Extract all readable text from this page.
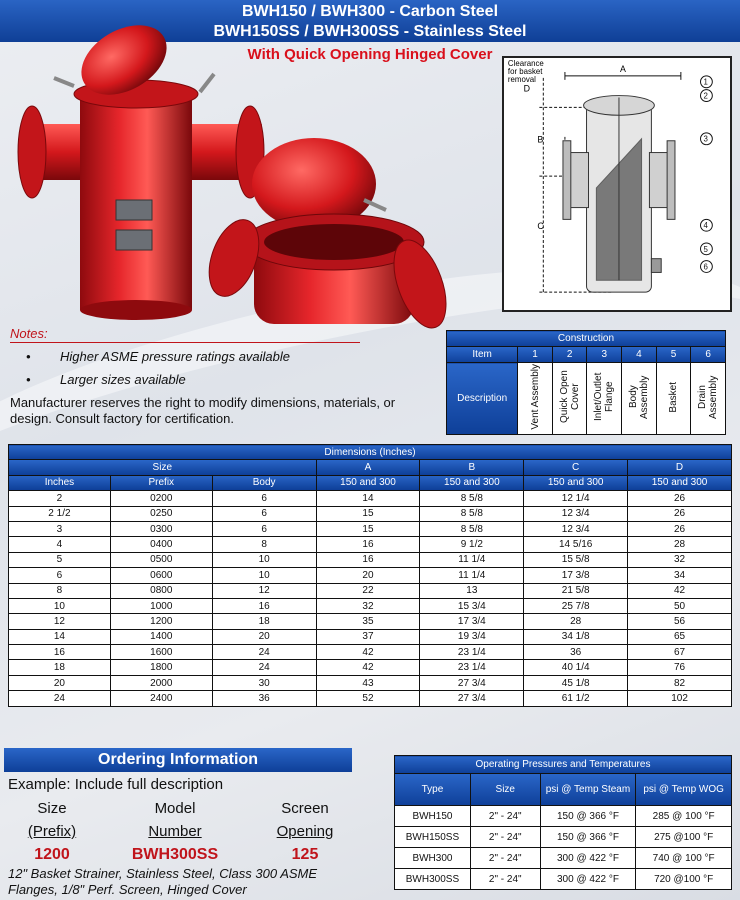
BWH150 / BWH300 - Carbon Steel
BWH150SS / BWH300SS - Stainless Steel
With Quick Opening Hinged Cover
Clearance
for basket
removal
A
B
C
D
1
2
3
4
5
6
Notes:
• Higher ASME pressure ratings available
• Larger sizes available
Manufacturer reserves the right to modify dimensions, materials, or design. Consult factory for certification.
Construction						
Item	1	2	3	4	5	6
Description	Vent Assembly	Quick Open Cover	Inlet/Outlet Flange	Body Assembly	Basket	Drain Assembly
Dimensions (Inches)						
Size			A	B	C	D
Inches	Prefix	Body	150 and 300	150 and 300	150 and 300	150 and 300
2	0200	6	14	8 5/8	12 1/4	26
2 1/2	0250	6	15	8 5/8	12 3/4	26
3	0300	6	15	8 5/8	12 3/4	26
4	0400	8	16	9 1/2	14 5/16	28
5	0500	10	16	11 1/4	15 5/8	32
6	0600	10	20	11 1/4	17 3/8	34
8	0800	12	22	13	21 5/8	42
10	1000	16	32	15 3/4	25 7/8	50
12	1200	18	35	17 3/4	28	56
14	1400	20	37	19 3/4	34 1/8	65
16	1600	24	42	23 1/4	36	67
18	1800	24	42	23 1/4	40 1/4	76
20	2000	30	43	27 3/4	45 1/8	82
24	2400	36	52	27 3/4	61 1/2	102
Ordering Information
Example: Include full description
Size	Model	Screen
(Prefix)	Number	Opening
1200	BWH300SS	125
12" Basket Strainer, Stainless Steel, Class 300 ASME Flanges, 1/8" Perf. Screen, Hinged Cover
Operating Pressures and Temperatures			
Type	Size	psi @ Temp Steam	psi @ Temp WOG
BWH150	2" - 24"	150 @ 366 °F	285 @ 100 °F
BWH150SS	2" - 24"	150 @ 366 °F	275 @100 °F
BWH300	2" - 24"	300 @ 422 °F	740 @ 100 °F
BWH300SS	2" - 24"	300 @ 422 °F	720 @100 °F
